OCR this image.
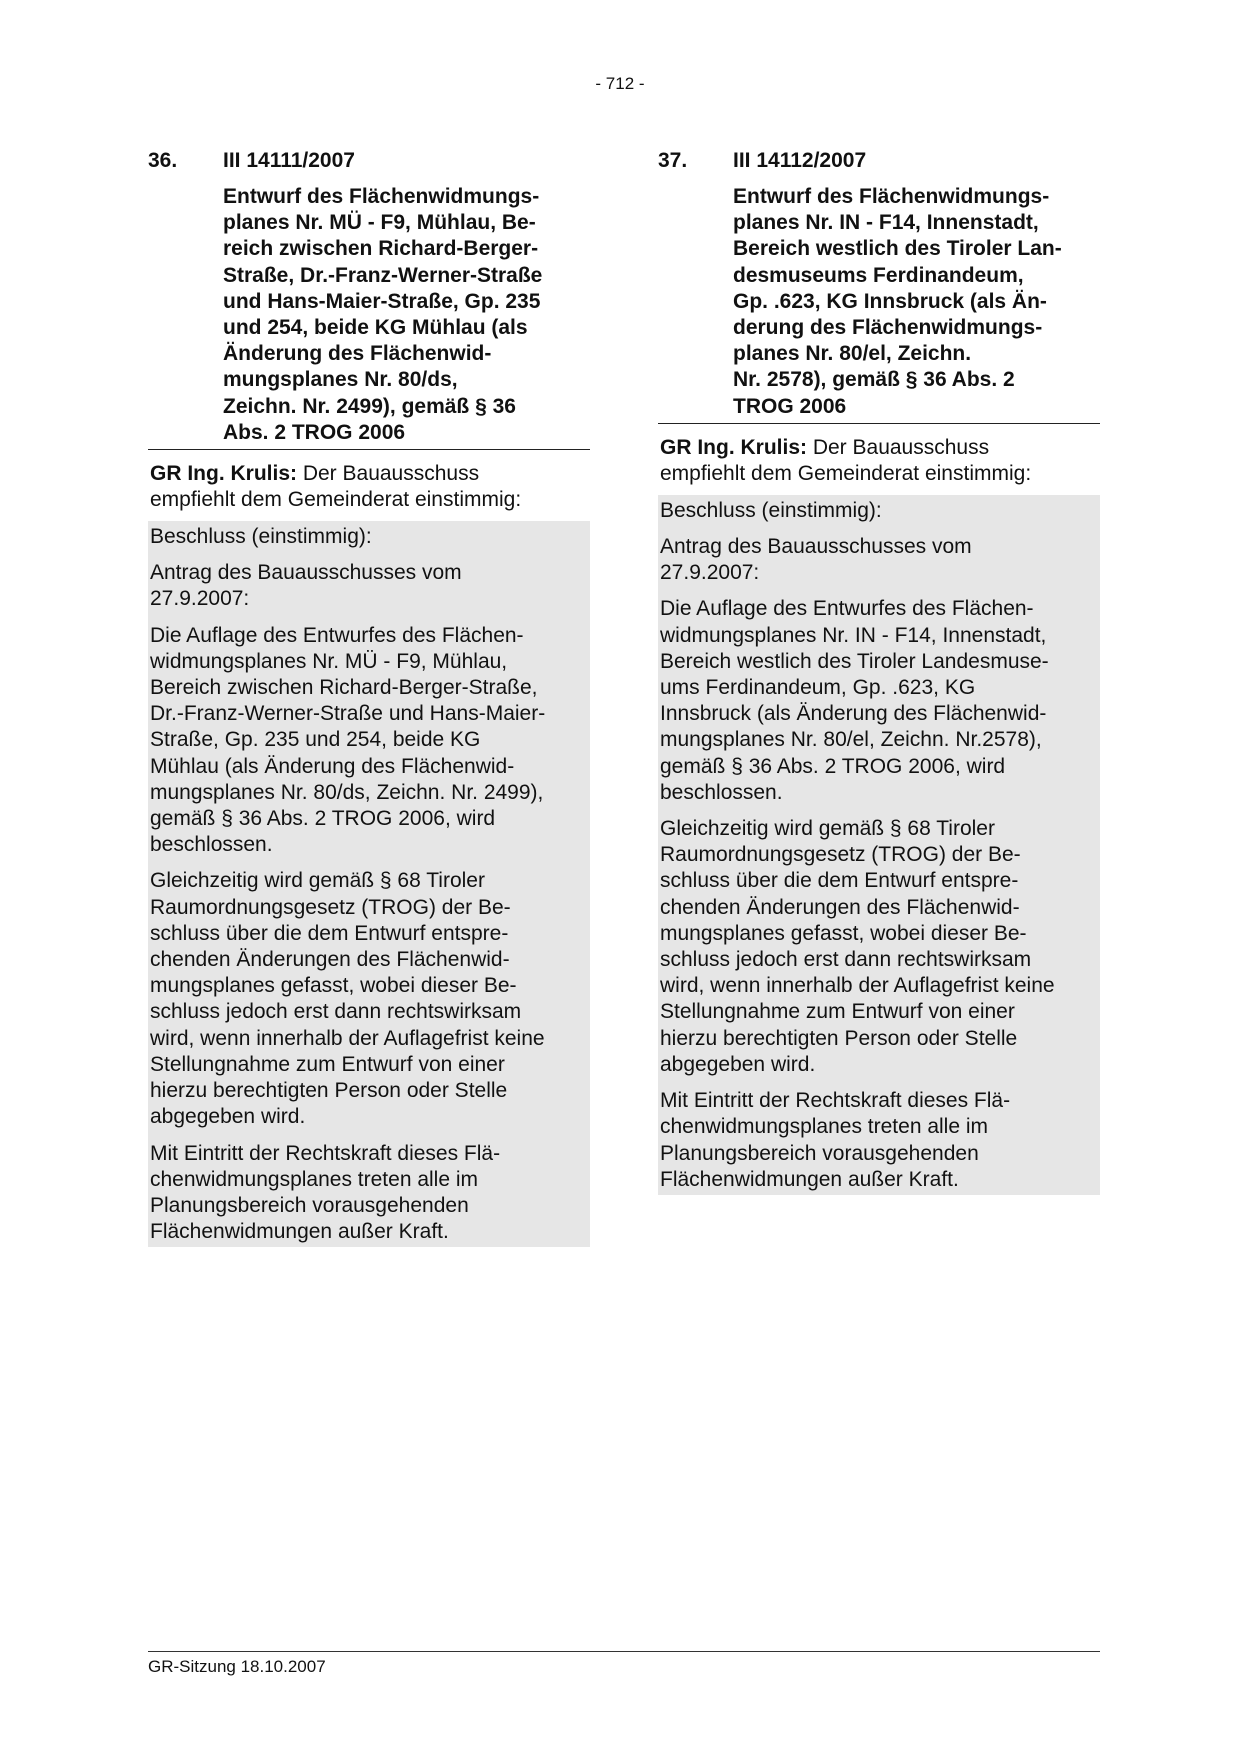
- 712 -
36.	III 14111/2007
Entwurf des Flächenwidmungs-
planes Nr. MÜ - F9, Mühlau, Be-
reich zwischen Richard-Berger-
Straße, Dr.-Franz-Werner-Straße
und Hans-Maier-Straße, Gp. 235
und 254, beide KG Mühlau (als
Änderung des Flächenwid-
mungsplanes Nr. 80/ds,
Zeichn. Nr. 2499), gemäß § 36
Abs. 2 TROG 2006
GR Ing. Krulis: Der Bauausschuss
empfiehlt dem Gemeinderat einstimmig:

Beschluss (einstimmig):

Antrag des Bauausschusses vom
27.9.2007:

Die Auflage des Entwurfes des Flächen-
widmungsplanes Nr. MÜ - F9, Mühlau,
Bereich zwischen Richard-Berger-Straße,
Dr.-Franz-Werner-Straße und Hans-Maier-
Straße, Gp. 235 und 254, beide KG
Mühlau (als Änderung des Flächenwid-
mungsplanes Nr. 80/ds, Zeichn. Nr. 2499),
gemäß § 36 Abs. 2 TROG 2006, wird
beschlossen.

Gleichzeitig wird gemäß § 68 Tiroler
Raumordnungsgesetz (TROG) der Be-
schluss über die dem Entwurf entspre-
chenden Änderungen des Flächenwid-
mungsplanes gefasst, wobei dieser Be-
schluss jedoch erst dann rechtswirksam
wird, wenn innerhalb der Auflagefrist keine
Stellungnahme zum Entwurf von einer
hierzu berechtigten Person oder Stelle
abgegeben wird.

Mit Eintritt der Rechtskraft dieses Flä-
chenwidmungsplanes treten alle im
Planungsbereich vorausgehenden
Flächenwidmungen außer Kraft.

37.	III 14112/2007
Entwurf des Flächenwidmungs-
planes Nr. IN - F14, Innenstadt,
Bereich westlich des Tiroler Lan-
desmuseums Ferdinandeum,
Gp. .623, KG Innsbruck (als Än-
derung des Flächenwidmungs-
planes Nr. 80/el, Zeichn.
Nr. 2578), gemäß § 36 Abs. 2
TROG 2006
GR Ing. Krulis: Der Bauausschuss
empfiehlt dem Gemeinderat einstimmig:

Beschluss (einstimmig):

Antrag des Bauausschusses vom
27.9.2007:

Die Auflage des Entwurfes des Flächen-
widmungsplanes Nr. IN - F14, Innenstadt,
Bereich westlich des Tiroler Landesmuse-
ums Ferdinandeum, Gp. .623, KG
Innsbruck (als Änderung des Flächenwid-
mungsplanes Nr. 80/el, Zeichn. Nr.2578),
gemäß § 36 Abs. 2 TROG 2006, wird
beschlossen.

Gleichzeitig wird gemäß § 68 Tiroler
Raumordnungsgesetz (TROG) der Be-
schluss über die dem Entwurf entspre-
chenden Änderungen des Flächenwid-
mungsplanes gefasst, wobei dieser Be-
schluss jedoch erst dann rechtswirksam
wird, wenn innerhalb der Auflagefrist keine
Stellungnahme zum Entwurf von einer
hierzu berechtigten Person oder Stelle
abgegeben wird.

Mit Eintritt der Rechtskraft dieses Flä-
chenwidmungsplanes treten alle im
Planungsbereich vorausgehenden
Flächenwidmungen außer Kraft.

GR-Sitzung 18.10.2007
